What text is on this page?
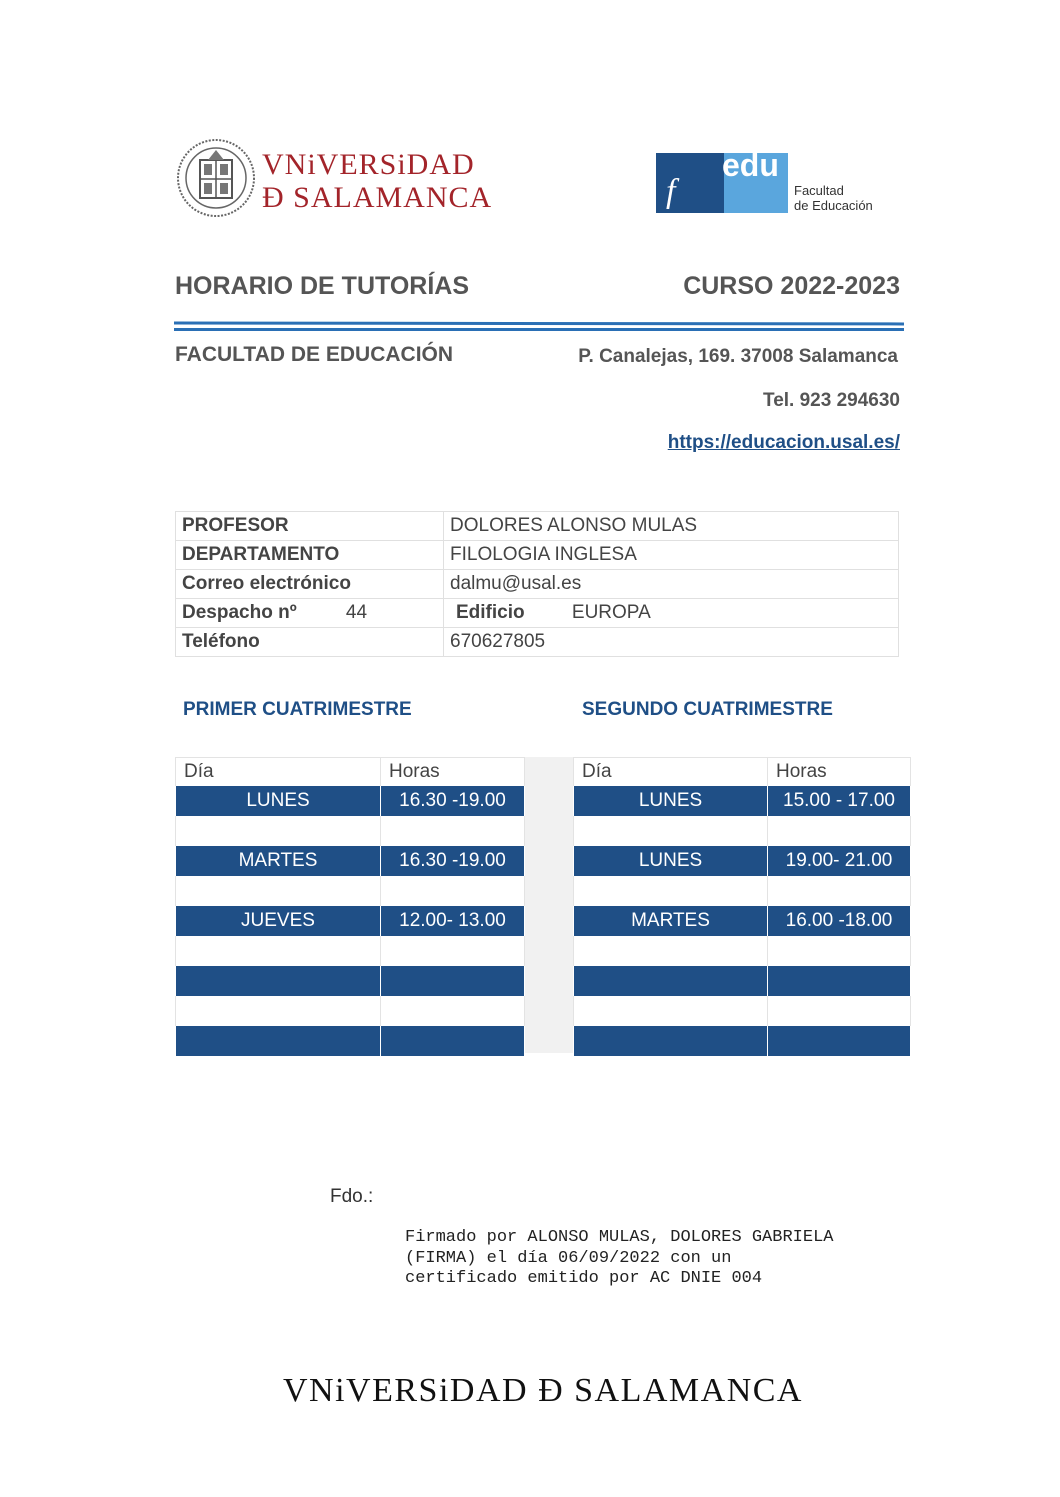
VNiVERSiDAD
Ð SALAMANCA	f
edu
Facultad
de Educación
HORARIO DE TUTORÍAS	CURSO 2022-2023
FACULTAD DE EDUCACIÓN	P. Canalejas, 169. 37008 Salamanca
Tel. 923 294630
https://educacion.usal.es/
PROFESOR	DOLORES ALONSO MULAS
DEPARTAMENTO	FILOLOGIA INGLESA
Correo electrónico	dalmu@usal.es
Despacho nº 44	Edificio EUROPA
Teléfono	670627805
PRIMER CUATRIMESTRE	SEGUNDO CUATRIMESTRE
Día	Horas
LUNES	16.30 -19.00

MARTES	16.30 -19.00

JUEVES	12.00- 13.00

Día	Horas
LUNES	15.00 - 17.00

LUNES	19.00- 21.00

MARTES	16.00 -18.00

Fdo.:
Firmado por ALONSO MULAS, DOLORES GABRIELA
(FIRMA) el día 06/09/2022 con un
certificado emitido por AC DNIE 004
VNiVERSiDAD Ð SALAMANCA
